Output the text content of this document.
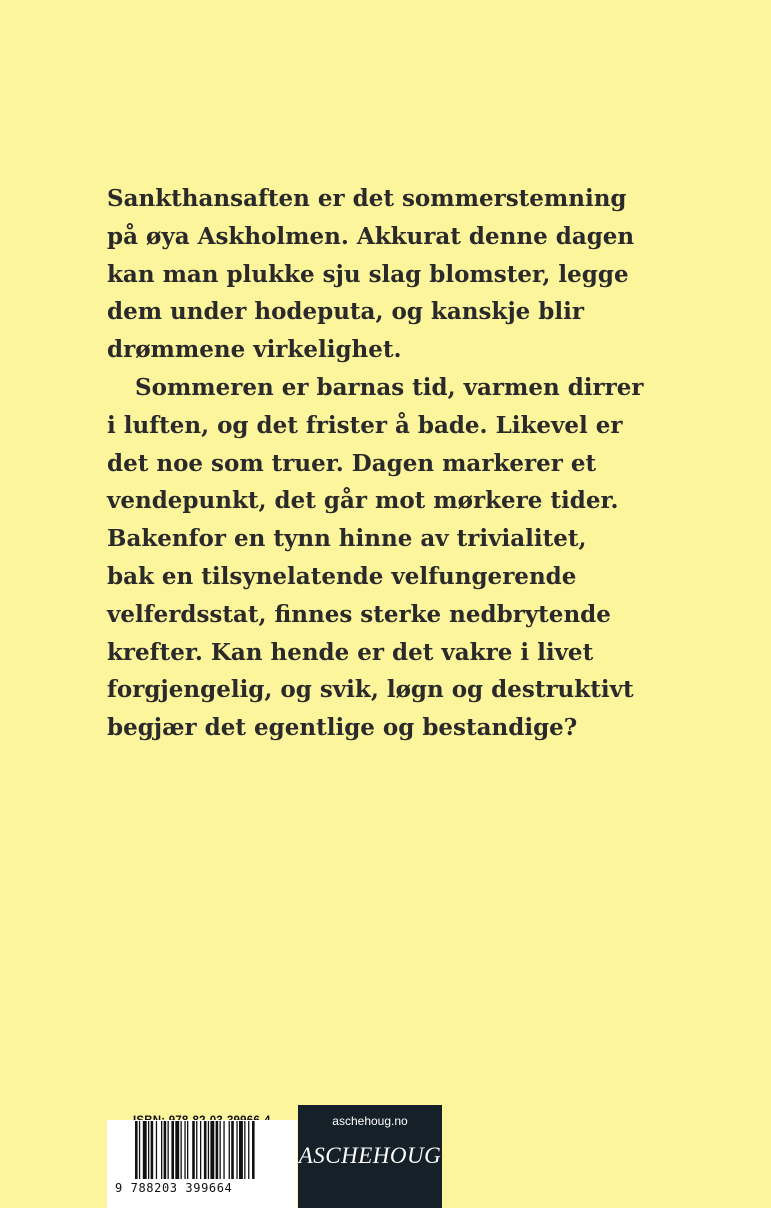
Sankthansaften er det sommerstemning
på øya Askholmen. Akkurat denne dagen
kan man plukke sju slag blomster, legge
dem under hodeputa, og kanskje blir
drømmene virkelighet.
Sommeren er barnas tid, varmen dirrer
i luften, og det frister å bade. Likevel er
det noe som truer. Dagen markerer et
vendepunkt, det går mot mørkere tider.
Bakenfor en tynn hinne av trivialitet,
bak en tilsynelatende velfungerende
velferdsstat, finnes sterke nedbrytende
krefter. Kan hende er det vakre i livet
forgjengelig, og svik, løgn og destruktivt
begjær det egentlige og bestandige?
9 788203 399664
aschehoug.no
ASCHEHOUG
